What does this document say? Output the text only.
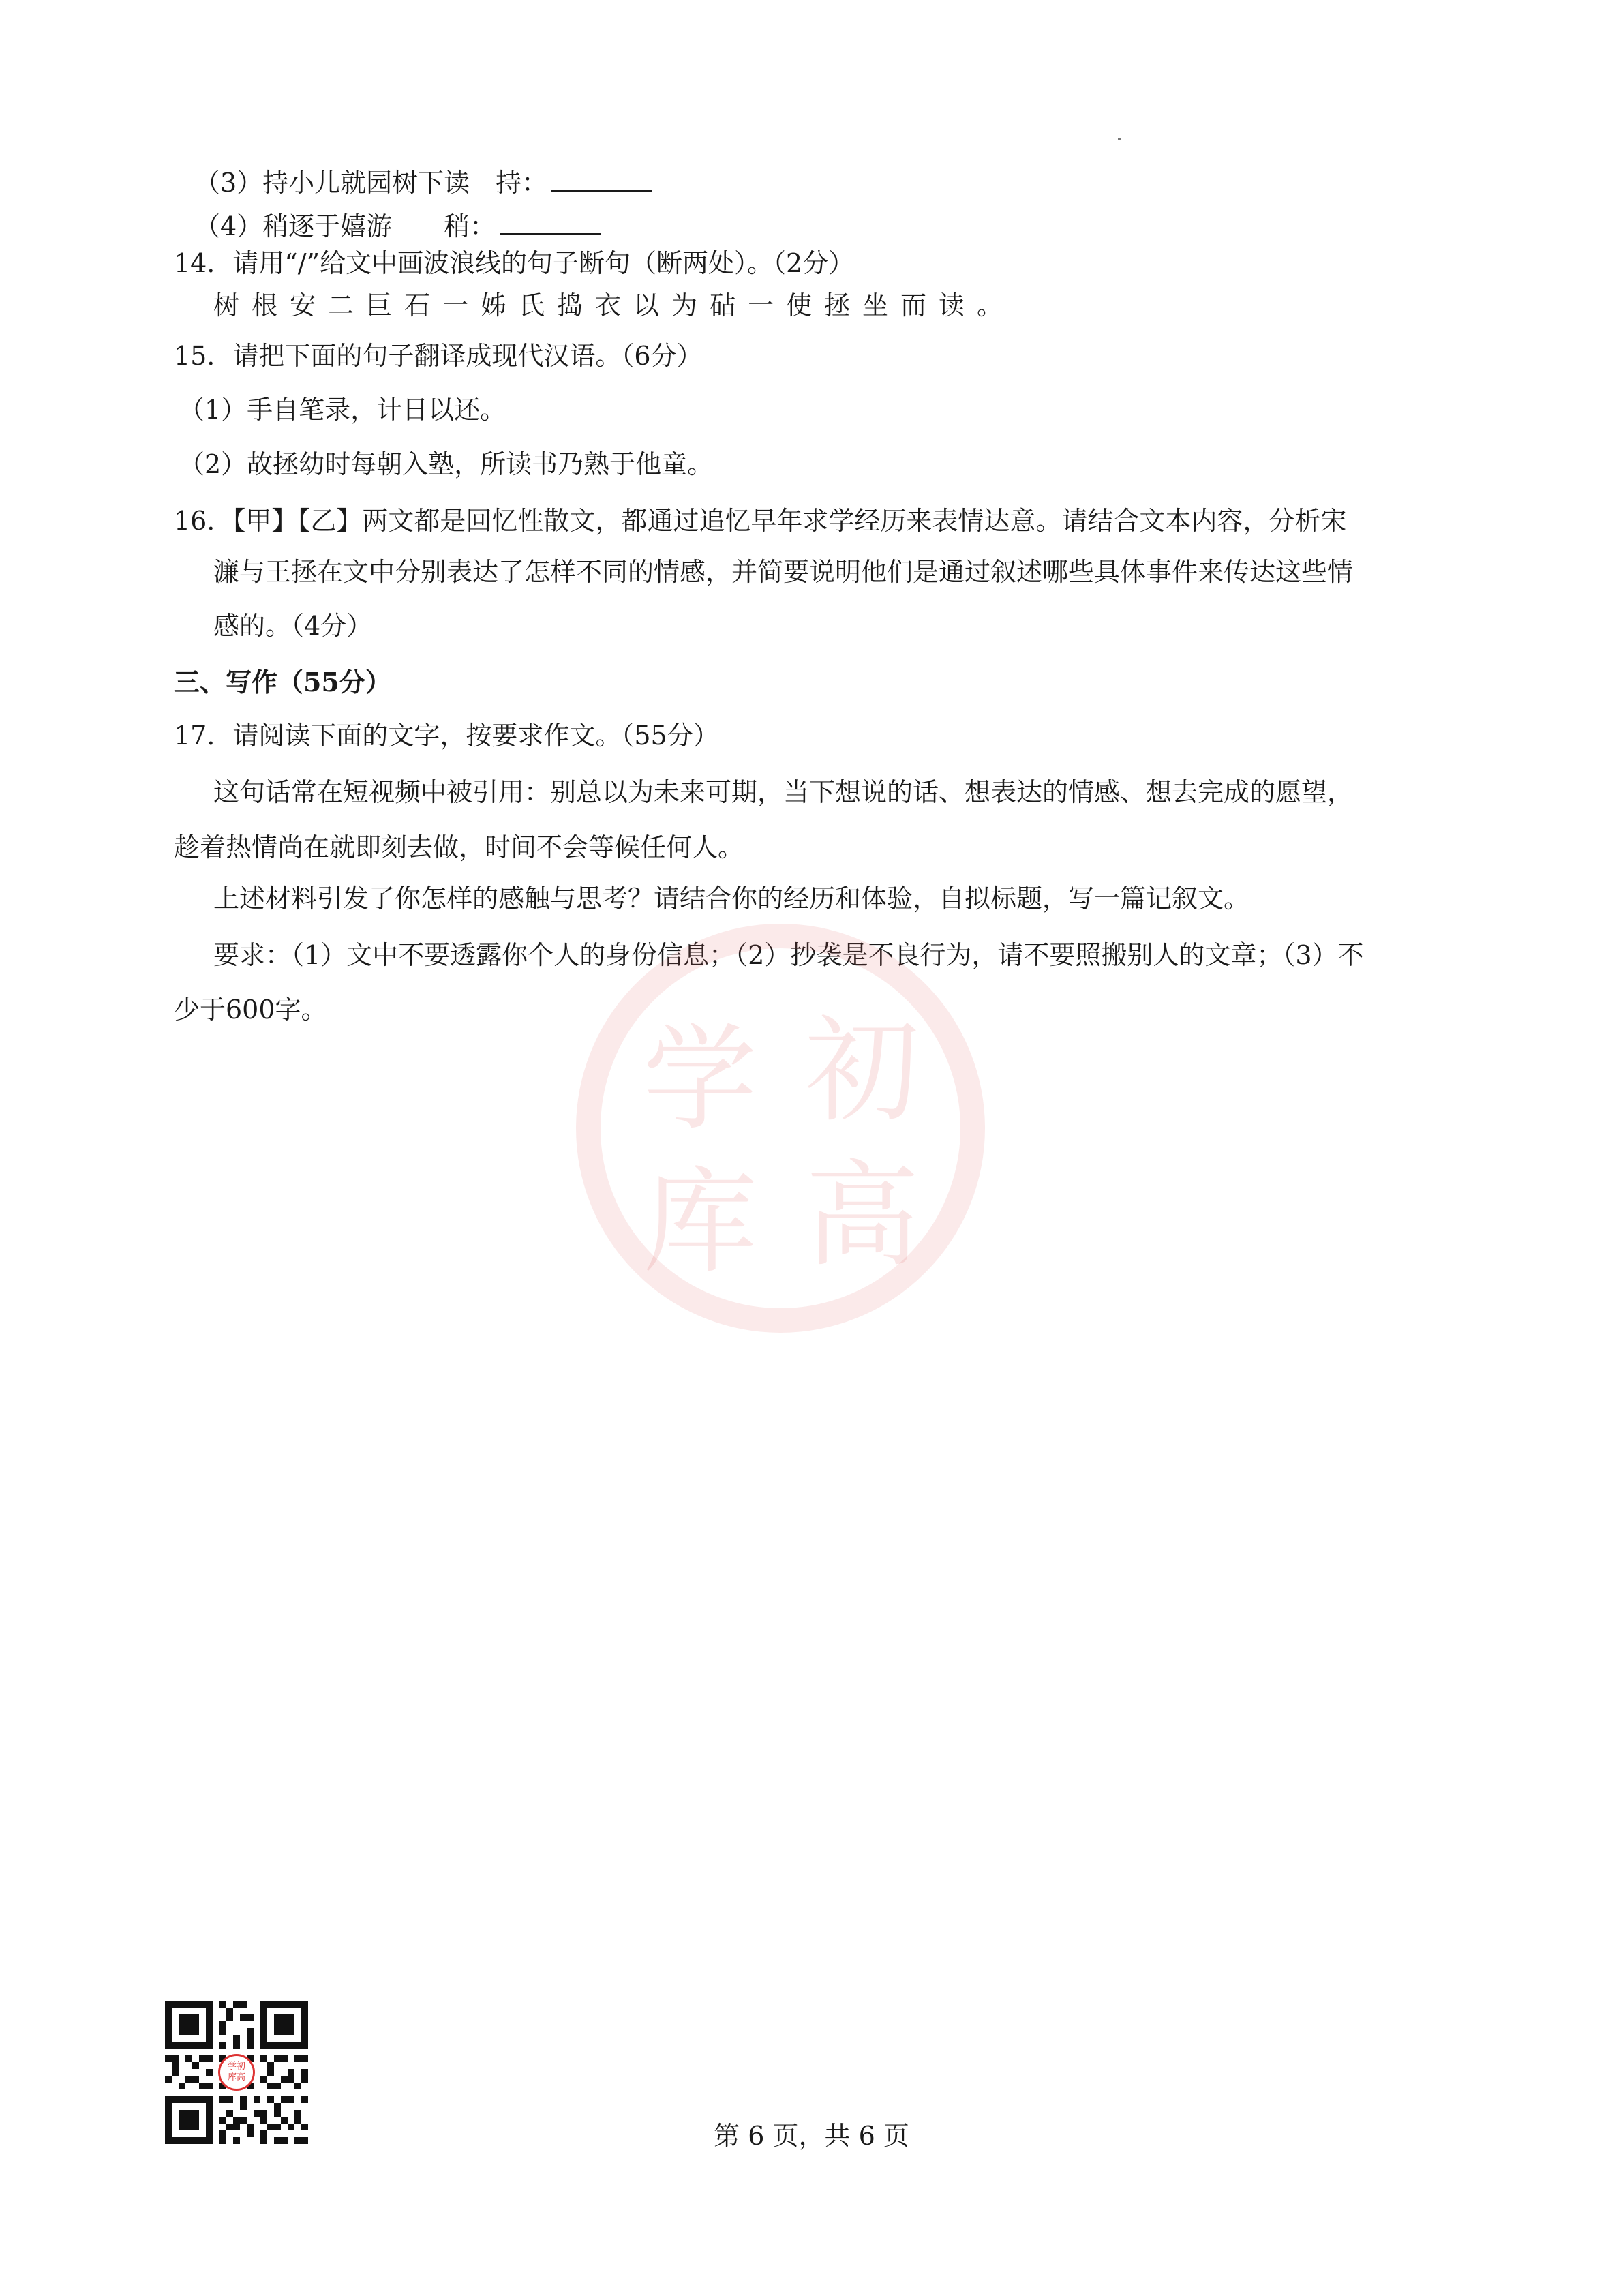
（3）持小儿就园树下读　持：
（4）稍逐于嬉游　　稍：
14．请用“/”给文中画波浪线的句子断句（断两处）。（2分）
树根安二巨石一姊氏捣衣以为砧一使拯坐而读。
15．请把下面的句子翻译成现代汉语。（6分）
（1）手自笔录，计日以还。
（2）故拯幼时每朝入塾，所读书乃熟于他童。
16．【甲】【乙】两文都是回忆性散文，都通过追忆早年求学经历来表情达意。请结合文本内容，分析宋
濂与王拯在文中分别表达了怎样不同的情感，并简要说明他们是通过叙述哪些具体事件来传达这些情
感的。（4分）
三、写作（55分）
17．请阅读下面的文字，按要求作文。（55分）
这句话常在短视频中被引用：别总以为未来可期，当下想说的话、想表达的情感、想去完成的愿望，
趁着热情尚在就即刻去做，时间不会等候任何人。
上述材料引发了你怎样的感触与思考？请结合你的经历和体验，自拟标题，写一篇记叙文。
要求：（1）文中不要透露你个人的身份信息；（2）抄袭是不良行为，请不要照搬别人的文章；（3）不
少于600字。
学 初
库 高
学初
库高
第 6 页，共 6 页
